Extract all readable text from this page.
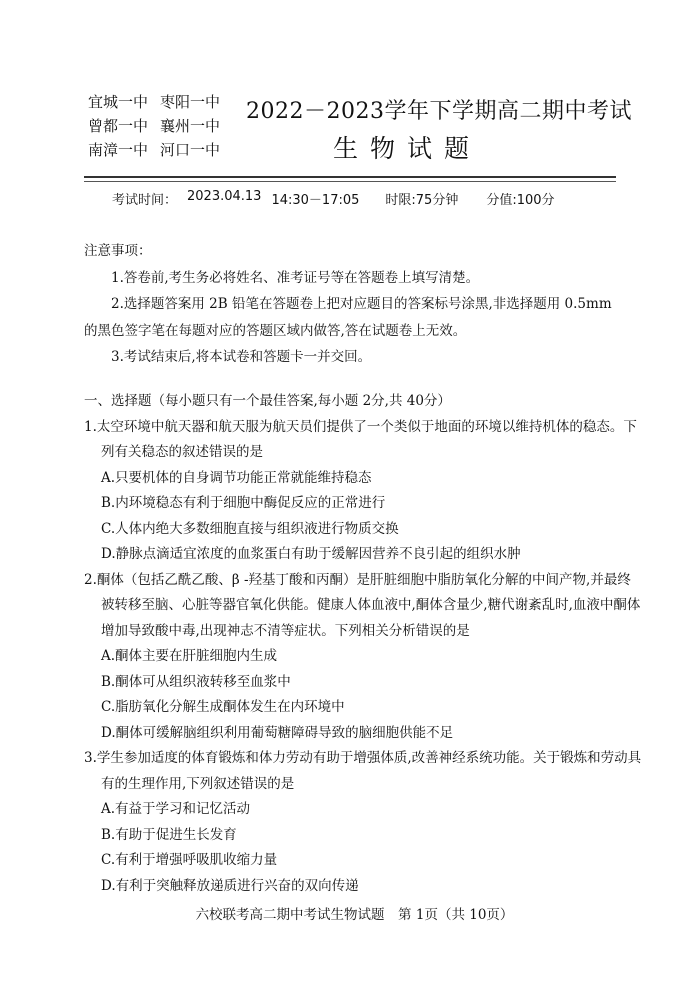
宜城一中 枣阳一中
曾都一中 襄州一中
南漳一中 河口一中
2022－2023学年下学期高二期中考试
生物试题
考试时间： 2023.04.13 14:30－17:05 时限:75分钟 分值:100分

注意事项：

1.答卷前,考生务必将姓名、准考证号等在答题卷上填写清楚。

2.选择题答案用 2B 铅笔在答题卷上把对应题目的答案标号涂黑,非选择题用 0.5mm 的黑色签字笔在每题对应的答题区域内做答,答在试题卷上无效。

3.考试结束后,将本试卷和答题卡一并交回。

一、选择题（每小题只有一个最佳答案,每小题 2分,共 40分）

1.太空环境中航天器和航天服为航天员们提供了一个类似于地面的环境以维持机体的稳态。下列有关稳态的叙述错误的是

A.只要机体的自身调节功能正常就能维持稳态

B.内环境稳态有利于细胞中酶促反应的正常进行

C.人体内绝大多数细胞直接与组织液进行物质交换

D.静脉点滴适宜浓度的血浆蛋白有助于缓解因营养不良引起的组织水肿

2.酮体（包括乙酰乙酸、β -羟基丁酸和丙酮）是肝脏细胞中脂肪氧化分解的中间产物,并最终被转移至脑、心脏等器官氧化供能。健康人体血液中,酮体含量少,糖代谢紊乱时,血液中酮体增加导致酸中毒,出现神志不清等症状。下列相关分析错误的是

A.酮体主要在肝脏细胞内生成

B.酮体可从组织液转移至血浆中

C.脂肪氧化分解生成酮体发生在内环境中

D.酮体可缓解脑组织利用葡萄糖障碍导致的脑细胞供能不足

3.学生参加适度的体育锻炼和体力劳动有助于增强体质,改善神经系统功能。关于锻炼和劳动具有的生理作用,下列叙述错误的是

A.有益于学习和记忆活动

B.有助于促进生长发育

C.有利于增强呼吸肌收缩力量

D.有利于突触释放递质进行兴奋的双向传递

六校联考高二期中考试生物试题　第 1页（共 10页）
